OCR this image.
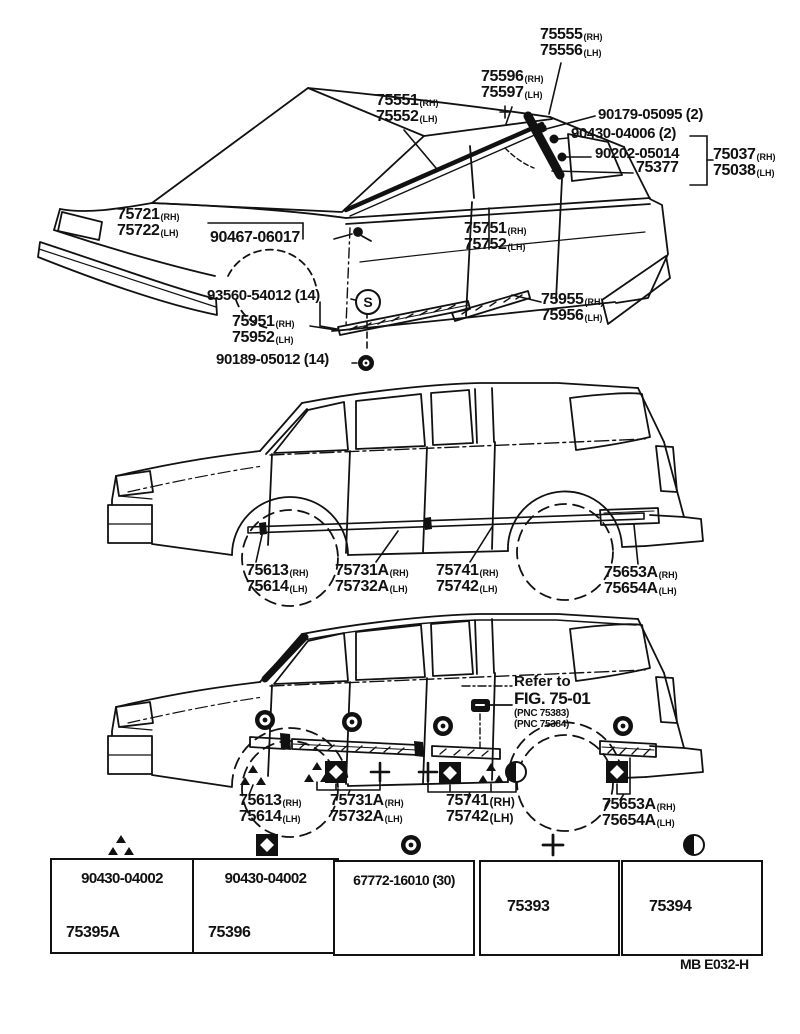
75555 (RH)
75556 (LH)
75596 (RH)
75597 (LH)
90179-05095 (2)
90430-04006 (2)
90202-05014
75377
75037 (RH)
75038 (LH)
75551 (RH)
75552 (LH)
75721 (RH)
75722 (LH) 90467-06017
75751 (RH)
75752 (LH)
93560-54012 (14)	S
75951 (RH)
75952 (LH)
75955 (RH)
75956 (LH)
90189-05012 (14)
75613 (RH)
75614 (LH)
75731A (RH)
75732A (LH)
75741 (RH)
75742 (LH)
75653A (RH)
75654A (LH)
Refer to
FIG. 75-01
(PNC 75383)
(PNC 75384)
75613 (RH)
75614 (LH)
75731A (RH)
75732A (LH)
75741 (RH)
75742 (LH)
75653A (RH)
75654A (LH)
90430-04002
75395A
90430-04002
75396
67772-16010 (30)
75393	75394
MB E032-H
